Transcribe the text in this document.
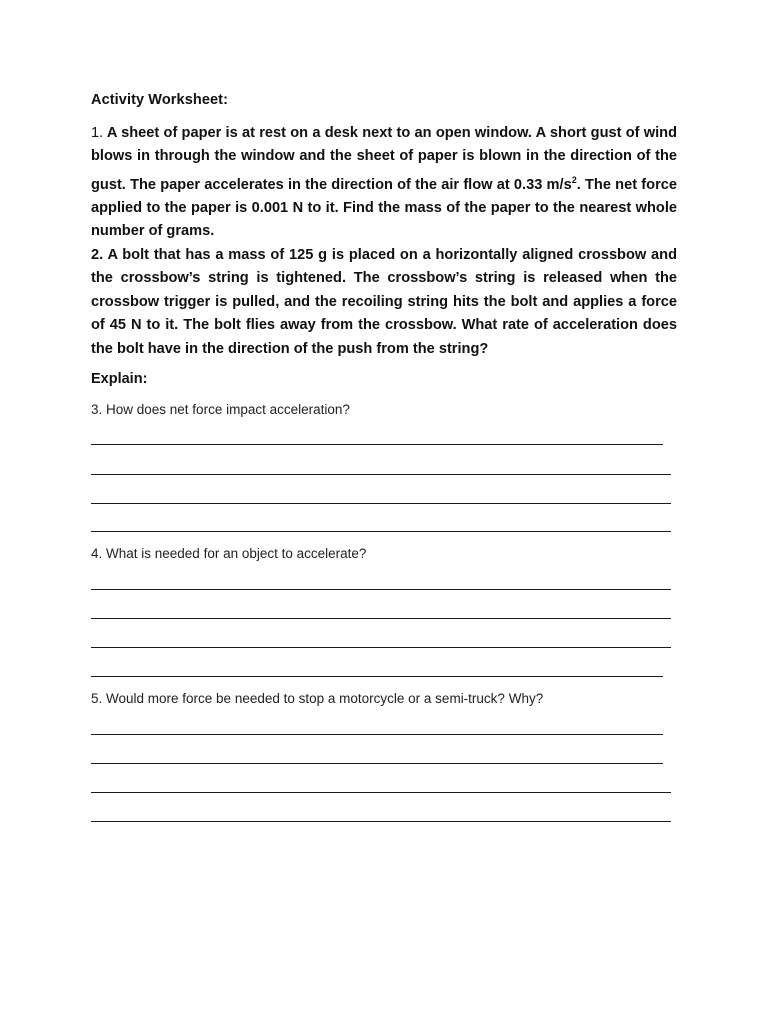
Activity Worksheet:
1. A sheet of paper is at rest on a desk next to an open window. A short gust of wind blows in through the window and the sheet of paper is blown in the direction of the gust. The paper accelerates in the direction of the air flow at 0.33 $m/s^2$. The net force applied to the paper is 0.001 N to it. Find the mass of the paper to the nearest whole number of grams.
2. A bolt that has a mass of 125 g is placed on a horizontally aligned crossbow and the crossbow’s string is tightened. The crossbow’s string is released when the crossbow trigger is pulled, and the recoiling string hits the bolt and applies a force of 45 N to it. The bolt flies away from the crossbow. What rate of acceleration does the bolt have in the direction of the push from the string?
Explain:
3. How does net force impact acceleration?
4. What is needed for an object to accelerate?
5. Would more force be needed to stop a motorcycle or a semi-truck? Why?
